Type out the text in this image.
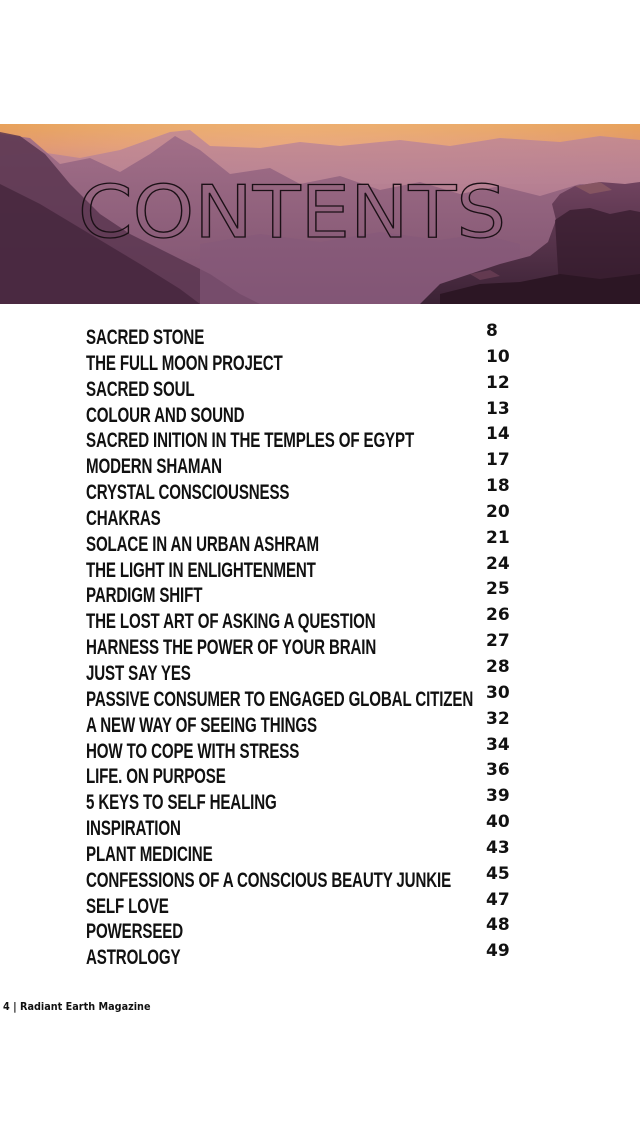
CONTENTS
SACRED STONE	8
THE FULL MOON PROJECT	10
SACRED SOUL	12
COLOUR AND SOUND	13
SACRED INITION IN THE TEMPLES OF EGYPT	14
MODERN SHAMAN	17
CRYSTAL CONSCIOUSNESS	18
CHAKRAS	20
SOLACE IN AN URBAN ASHRAM	21
THE LIGHT IN ENLIGHTENMENT	24
PARDIGM SHIFT	25
THE LOST ART OF ASKING A QUESTION	26
HARNESS THE POWER OF YOUR BRAIN	27
JUST SAY YES	28
PASSIVE CONSUMER TO ENGAGED GLOBAL CITIZEN 30
A NEW WAY OF SEEING THINGS	32
HOW TO COPE WITH STRESS	34
LIFE. ON PURPOSE	36
5 KEYS TO SELF HEALING	39
INSPIRATION	40
PLANT MEDICINE	43
CONFESSIONS OF A CONSCIOUS BEAUTY JUNKIE 45
SELF LOVE	47
POWERSEED	48
ASTROLOGY	49
4 | Radiant Earth Magazine
